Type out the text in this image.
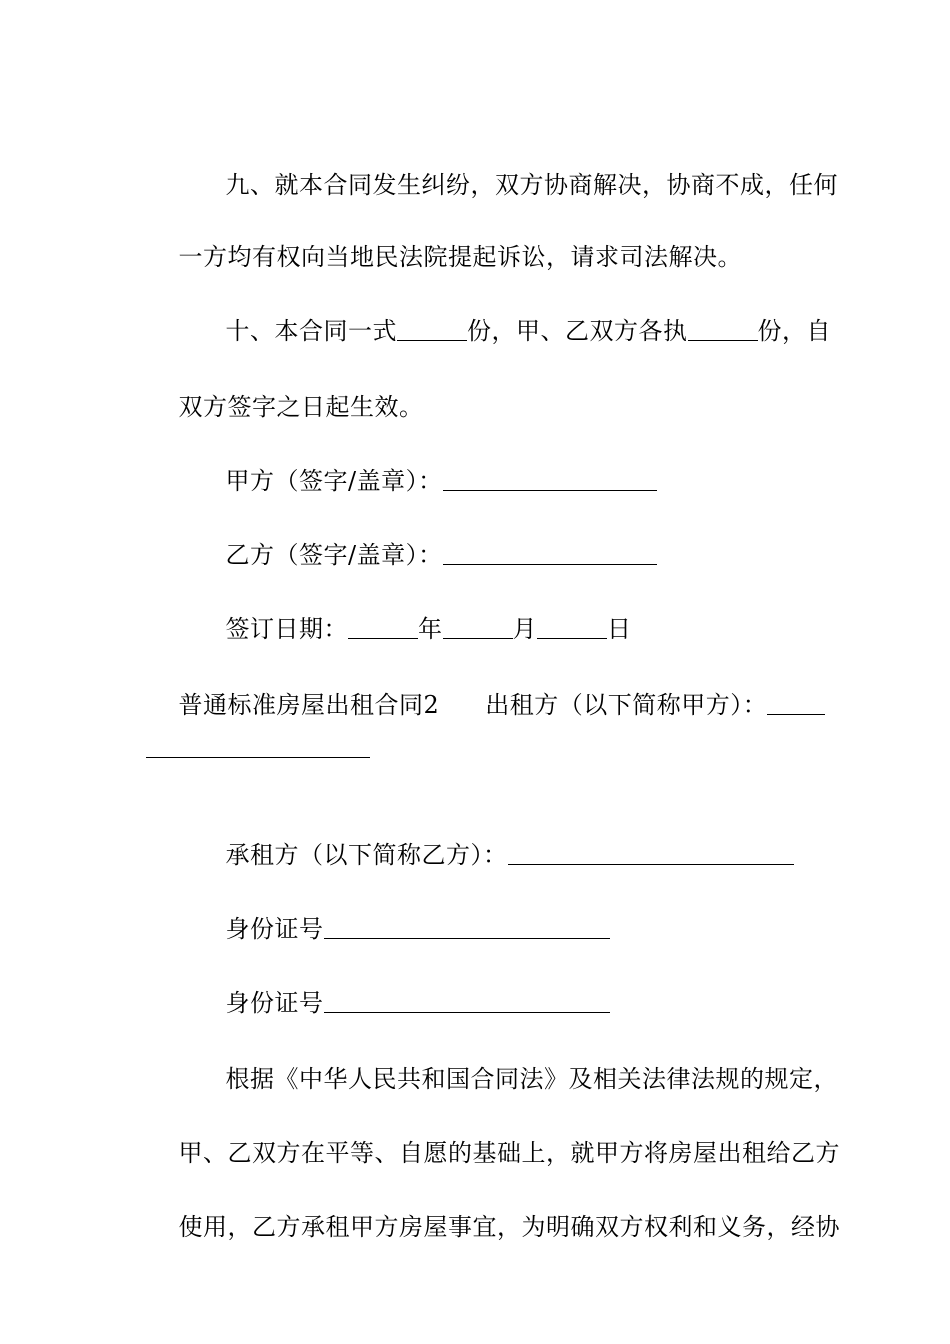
九、就本合同发生纠纷，双方协商解决，协商不成，任何

一方均有权向当地民法院提起诉讼，请求司法解决。

十、本合同一式	份，甲、乙双方各执	份，自

双方签字之日起生效。

甲方（签字/盖章）：

乙方（签字/盖章）：

签订日期：	年	月	日

普通标准房屋出租合同2 出租方（以下简称甲方）：

承租方（以下简称乙方）：

身份证号

身份证号

根据《中华人民共和国合同法》及相关法律法规的规定，

甲、乙双方在平等、自愿的基础上，就甲方将房屋出租给乙方

使用，乙方承租甲方房屋事宜，为明确双方权利和义务，经协
